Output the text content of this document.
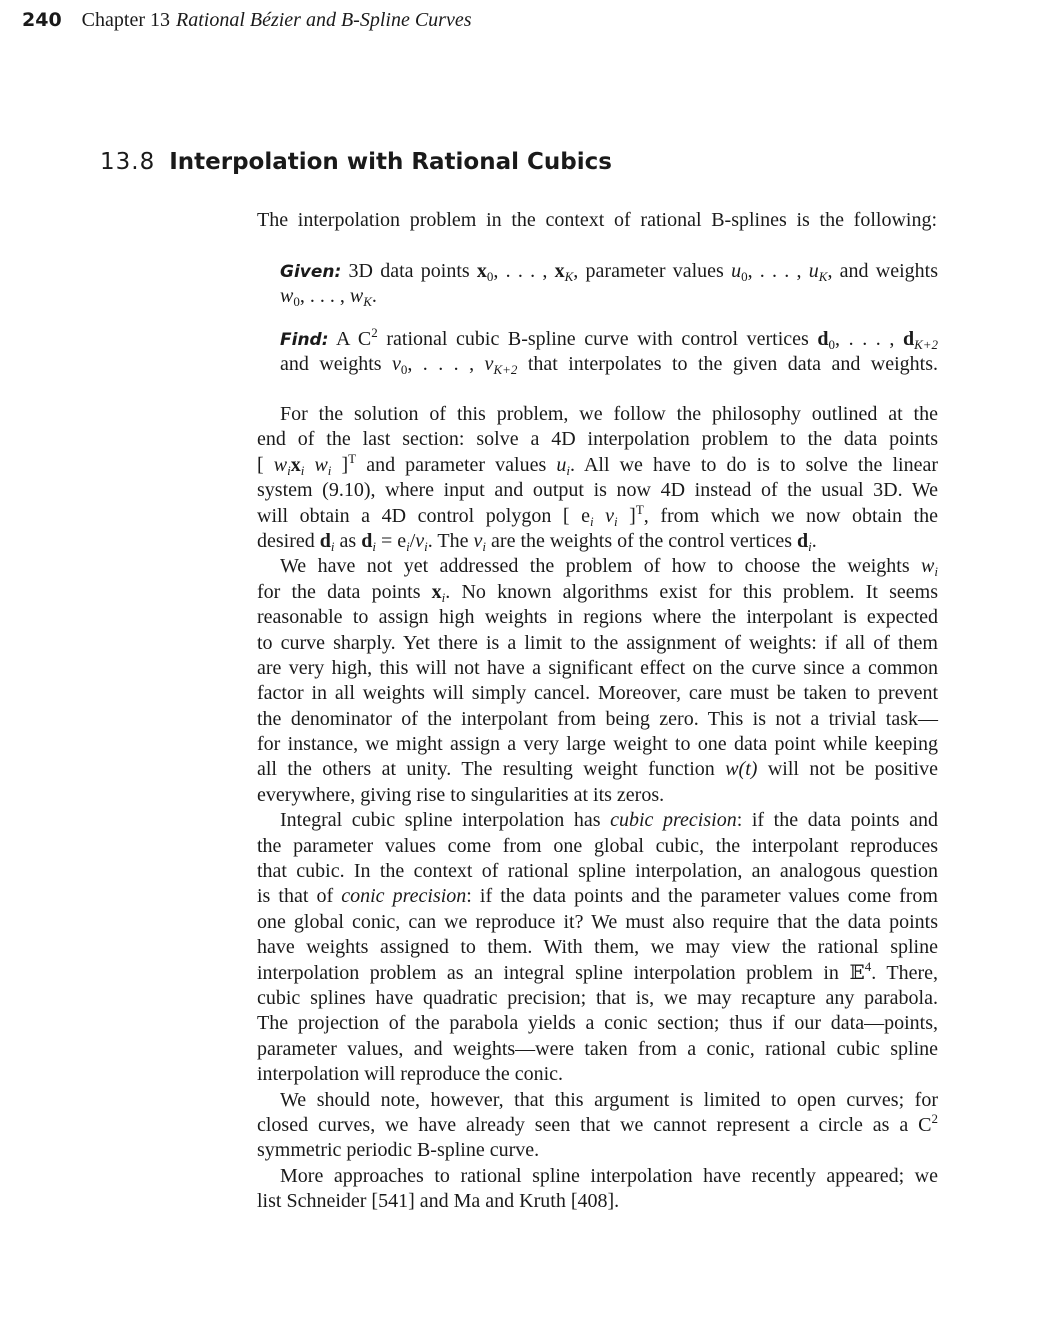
240 Chapter 13 Rational Bézier and B-Spline Curves
13.8 Interpolation with Rational Cubics
The interpolation problem in the context of rational B-splines is the following:
Given: 3D data points $x_0$, . . . , $x_K$, parameter values $u_0$, . . . , $u_K$, and weights
$w_0$, . . . , $w_K$.
Find: A $C^2$ rational cubic B-spline curve with control vertices $d_0$, . . . , $d_{K+2}$
and weights $v_0$, . . . , $v_{K+2}$ that interpolates to the given data and weights.
For the solution of this problem, we follow the philosophy outlined at the
end of the last section: solve a 4D interpolation problem to the data points
[ $w_ix_i$ $w_i$ ]$^T$ and parameter values $u_i$. All we have to do is to solve the linear
system (9.10), where input and output is now 4D instead of the usual 3D. We
will obtain a 4D control polygon [ $e_i$ $v_i$ ]$^T$, from which we now obtain the
desired $d_i$ as $d_i = e_i/v_i$. The $v_i$ are the weights of the control vertices $d_i$.
We have not yet addressed the problem of how to choose the weights $w_i$
for the data points $x_i$. No known algorithms exist for this problem. It seems
reasonable to assign high weights in regions where the interpolant is expected
to curve sharply. Yet there is a limit to the assignment of weights: if all of them
are very high, this will not have a significant effect on the curve since a common
factor in all weights will simply cancel. Moreover, care must be taken to prevent
the denominator of the interpolant from being zero. This is not a trivial task—
for instance, we might assign a very large weight to one data point while keeping
all the others at unity. The resulting weight function w(t) will not be positive
everywhere, giving rise to singularities at its zeros.
Integral cubic spline interpolation has cubic precision: if the data points and
the parameter values come from one global cubic, the interpolant reproduces
that cubic. In the context of rational spline interpolation, an analogous question
is that of conic precision: if the data points and the parameter values come from
one global conic, can we reproduce it? We must also require that the data points
have weights assigned to them. With them, we may view the rational spline
interpolation problem as an integral spline interpolation problem in 𝔼$^4$. There,
cubic splines have quadratic precision; that is, we may recapture any parabola.
The projection of the parabola yields a conic section; thus if our data—points,
parameter values, and weights—were taken from a conic, rational cubic spline
interpolation will reproduce the conic.
We should note, however, that this argument is limited to open curves; for
closed curves, we have already seen that we cannot represent a circle as a $C^2$
symmetric periodic B-spline curve.
More approaches to rational spline interpolation have recently appeared; we
list Schneider [541] and Ma and Kruth [408].
